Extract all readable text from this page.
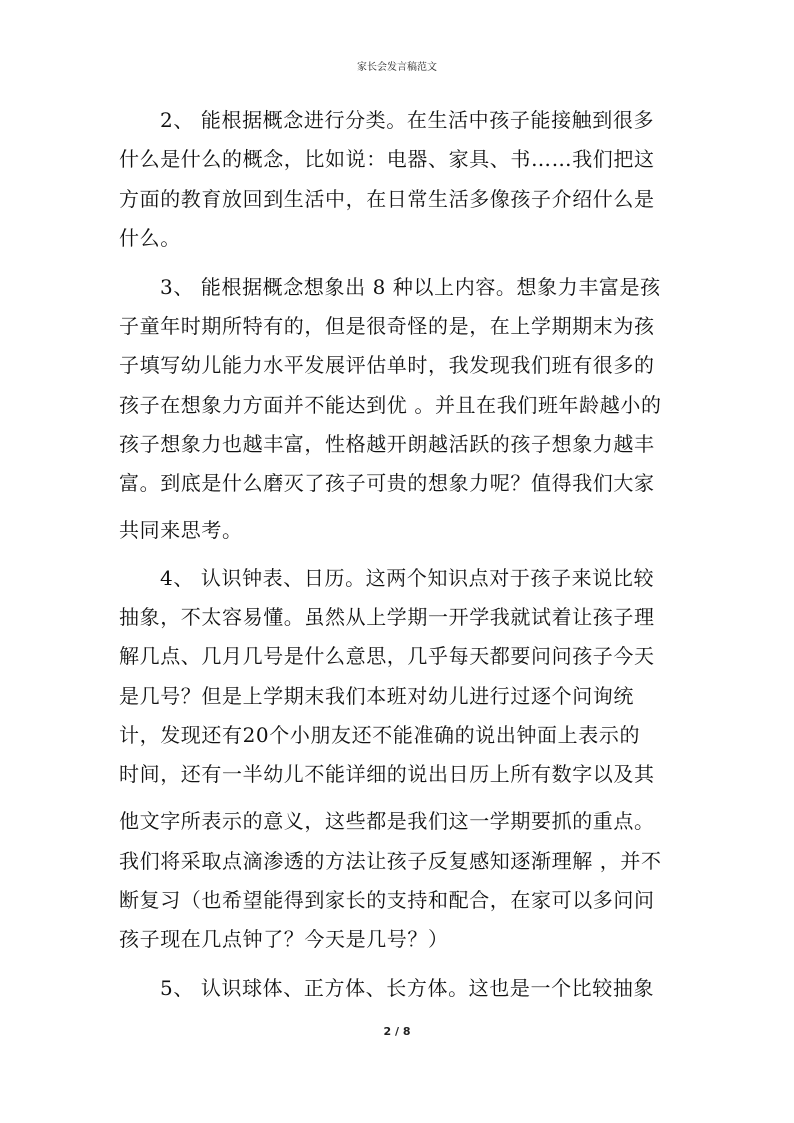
家长会发言稿范文
2、 能根据概念进行分类。在生活中孩子能接触到很多
什么是什么的概念，比如说：电器、家具、书……我们把这
方面的教育放回到生活中，在日常生活多像孩子介绍什么是
什么。
3、 能根据概念想象出 8 种以上内容。想象力丰富是孩
子童年时期所特有的，但是很奇怪的是，在上学期期末为孩
子填写幼儿能力水平发展评估单时，我发现我们班有很多的
孩子在想象力方面并不能达到优 。并且在我们班年龄越小的
孩子想象力也越丰富，性格越开朗越活跃的孩子想象力越丰
富。到底是什么磨灭了孩子可贵的想象力呢？值得我们大家
共同来思考。
4、 认识钟表、日历。这两个知识点对于孩子来说比较
抽象，不太容易懂。虽然从上学期一开学我就试着让孩子理
解几点、几月几号是什么意思，几乎每天都要问问孩子今天
是几号？但是上学期末我们本班对幼儿进行过逐个问询统
计，发现还有20个小朋友还不能准确的说出钟面上表示的
时间，还有一半幼儿不能详细的说出日历上所有数字以及其
他文字所表示的意义，这些都是我们这一学期要抓的重点。
我们将采取点滴渗透的方法让孩子反复感知逐渐理解 ，并不
断复习（也希望能得到家长的支持和配合，在家可以多问问
孩子现在几点钟了？今天是几号？）
5、 认识球体、正方体、长方体。这也是一个比较抽象
2 / 8
